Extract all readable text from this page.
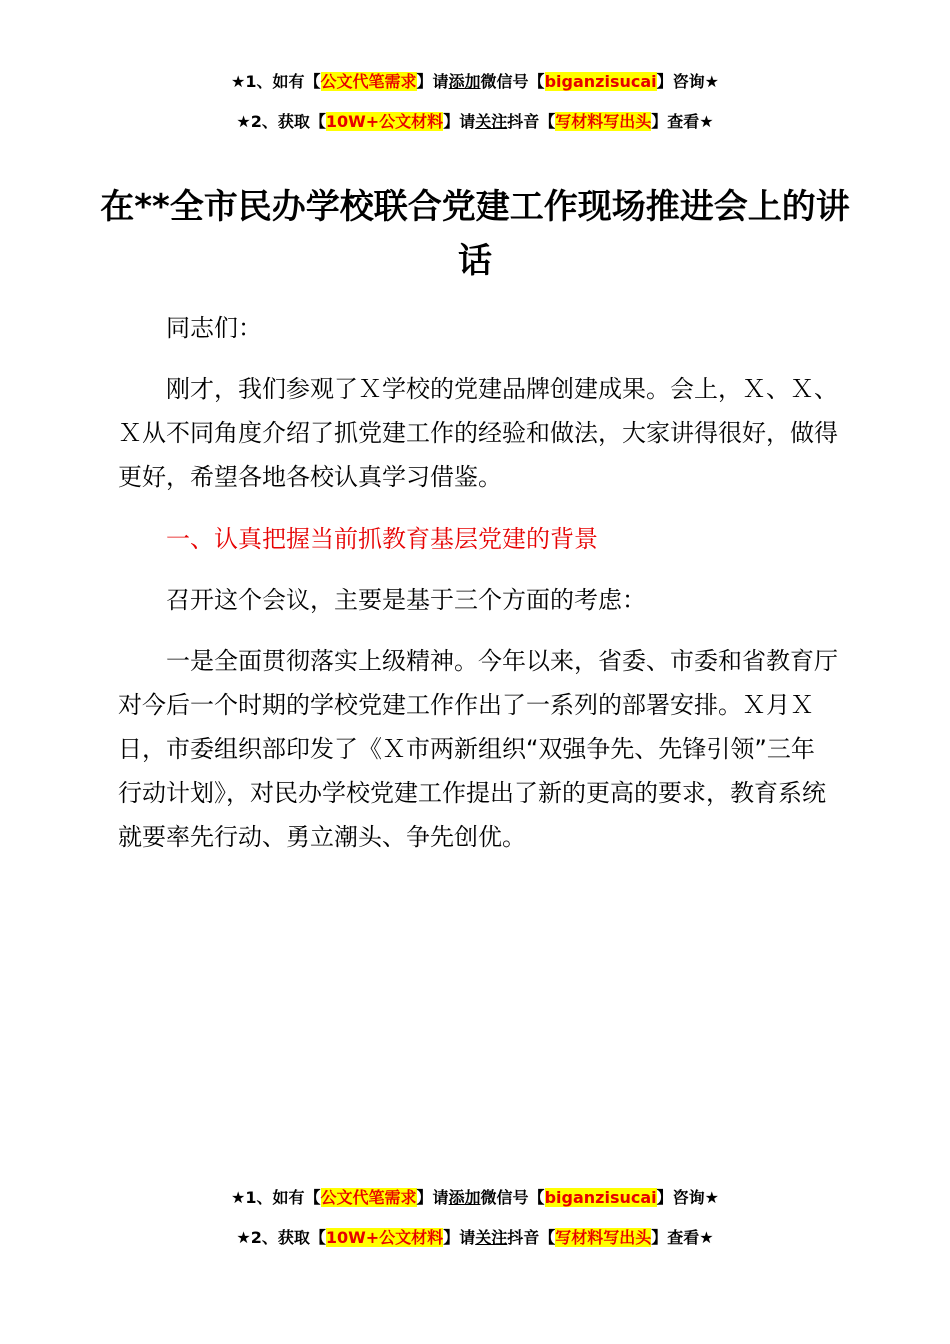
★1、如有【公文代笔需求】请添加微信号【biganzisucai】咨询★
★2、获取【10W+公文材料】请关注抖音【写材料写出头】查看★
在**全市民办学校联合党建工作现场推进会上的讲话

同志们：

刚才，我们参观了Ｘ学校的党建品牌创建成果。会上，Ｘ、Ｘ、Ｘ从不同角度介绍了抓党建工作的经验和做法，大家讲得很好，做得更好，希望各地各校认真学习借鉴。

一、认真把握当前抓教育基层党建的背景

召开这个会议，主要是基于三个方面的考虑：

一是全面贯彻落实上级精神。今年以来，省委、市委和省教育厅对今后一个时期的学校党建工作作出了一系列的部署安排。Ｘ月Ｘ日，市委组织部印发了《Ｘ市两新组织“双强争先、先锋引领”三年行动计划》，对民办学校党建工作提出了新的更高的要求，教育系统就要率先行动、勇立潮头、争先创优。

★1、如有【公文代笔需求】请添加微信号【biganzisucai】咨询★
★2、获取【10W+公文材料】请关注抖音【写材料写出头】查看★
